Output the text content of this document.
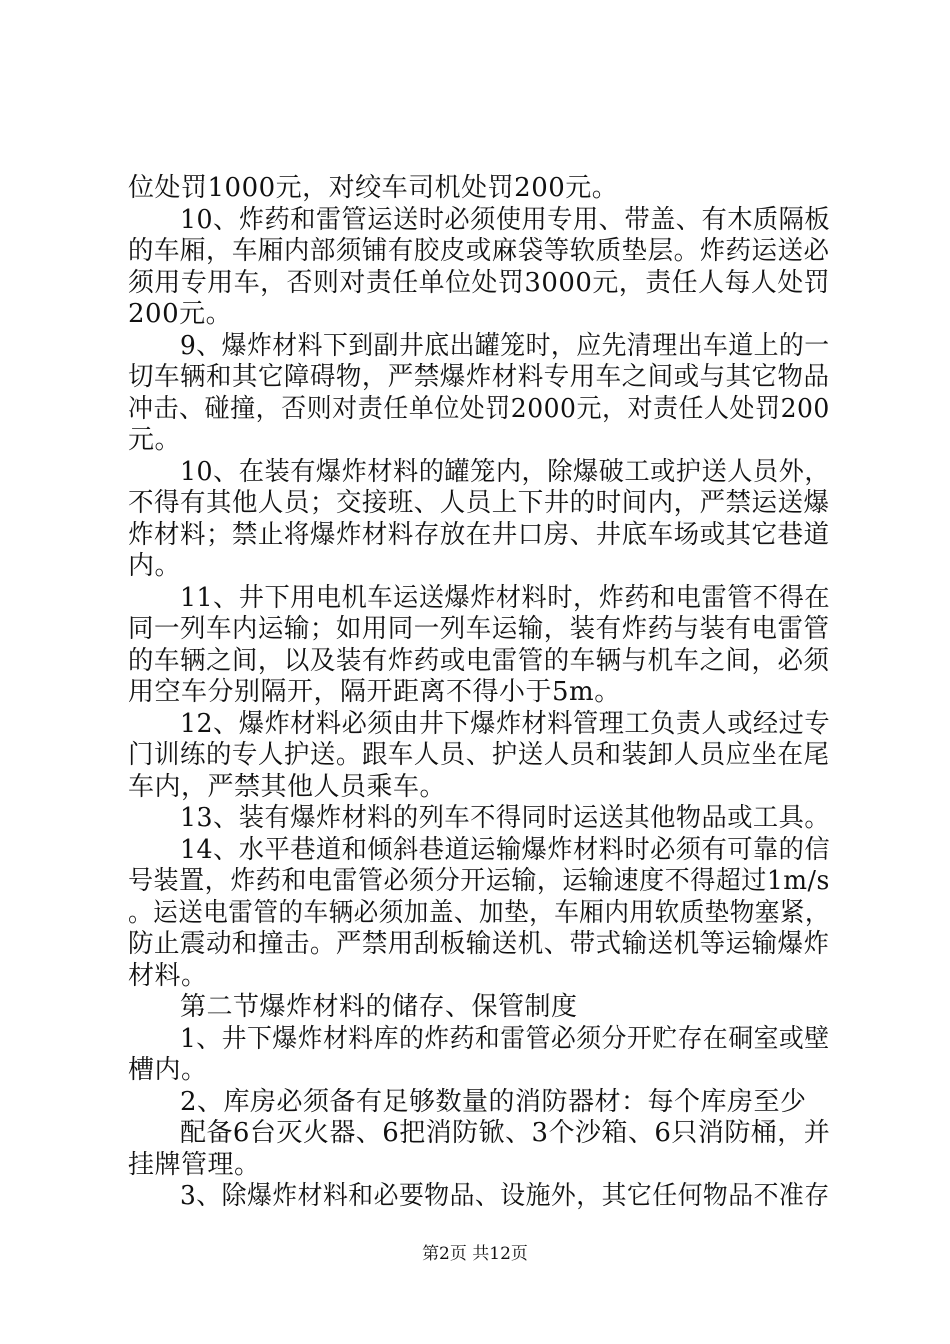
位处罚1000元，对绞车司机处罚200元。
10、炸药和雷管运送时必须使用专用、带盖、有木质隔板
的车厢，车厢内部须铺有胶皮或麻袋等软质垫层。炸药运送必
须用专用车，否则对责任单位处罚3000元，责任人每人处罚
200元。
9、爆炸材料下到副井底出罐笼时，应先清理出车道上的一
切车辆和其它障碍物，严禁爆炸材料专用车之间或与其它物品
冲击、碰撞，否则对责任单位处罚2000元，对责任人处罚200
元。
10、在装有爆炸材料的罐笼内，除爆破工或护送人员外，
不得有其他人员；交接班、人员上下井的时间内，严禁运送爆
炸材料；禁止将爆炸材料存放在井口房、井底车场或其它巷道
内。
11、井下用电机车运送爆炸材料时，炸药和电雷管不得在
同一列车内运输；如用同一列车运输，装有炸药与装有电雷管
的车辆之间，以及装有炸药或电雷管的车辆与机车之间，必须
用空车分别隔开，隔开距离不得小于5m。
12、爆炸材料必须由井下爆炸材料管理工负责人或经过专
门训练的专人护送。跟车人员、护送人员和装卸人员应坐在尾
车内，严禁其他人员乘车。
13、装有爆炸材料的列车不得同时运送其他物品或工具。
14、水平巷道和倾斜巷道运输爆炸材料时必须有可靠的信
号装置，炸药和电雷管必须分开运输，运输速度不得超过1m/s
。运送电雷管的车辆必须加盖、加垫，车厢内用软质垫物塞紧，
防止震动和撞击。严禁用刮板输送机、带式输送机等运输爆炸
材料。
第二节爆炸材料的储存、保管制度
1、井下爆炸材料库的炸药和雷管必须分开贮存在硐室或壁
槽内。
2、库房必须备有足够数量的消防器材：每个库房至少
配备6台灭火器、6把消防锨、3个沙箱、6只消防桶，并
挂牌管理。
3、除爆炸材料和必要物品、设施外，其它任何物品不准存
第2页 共12页
